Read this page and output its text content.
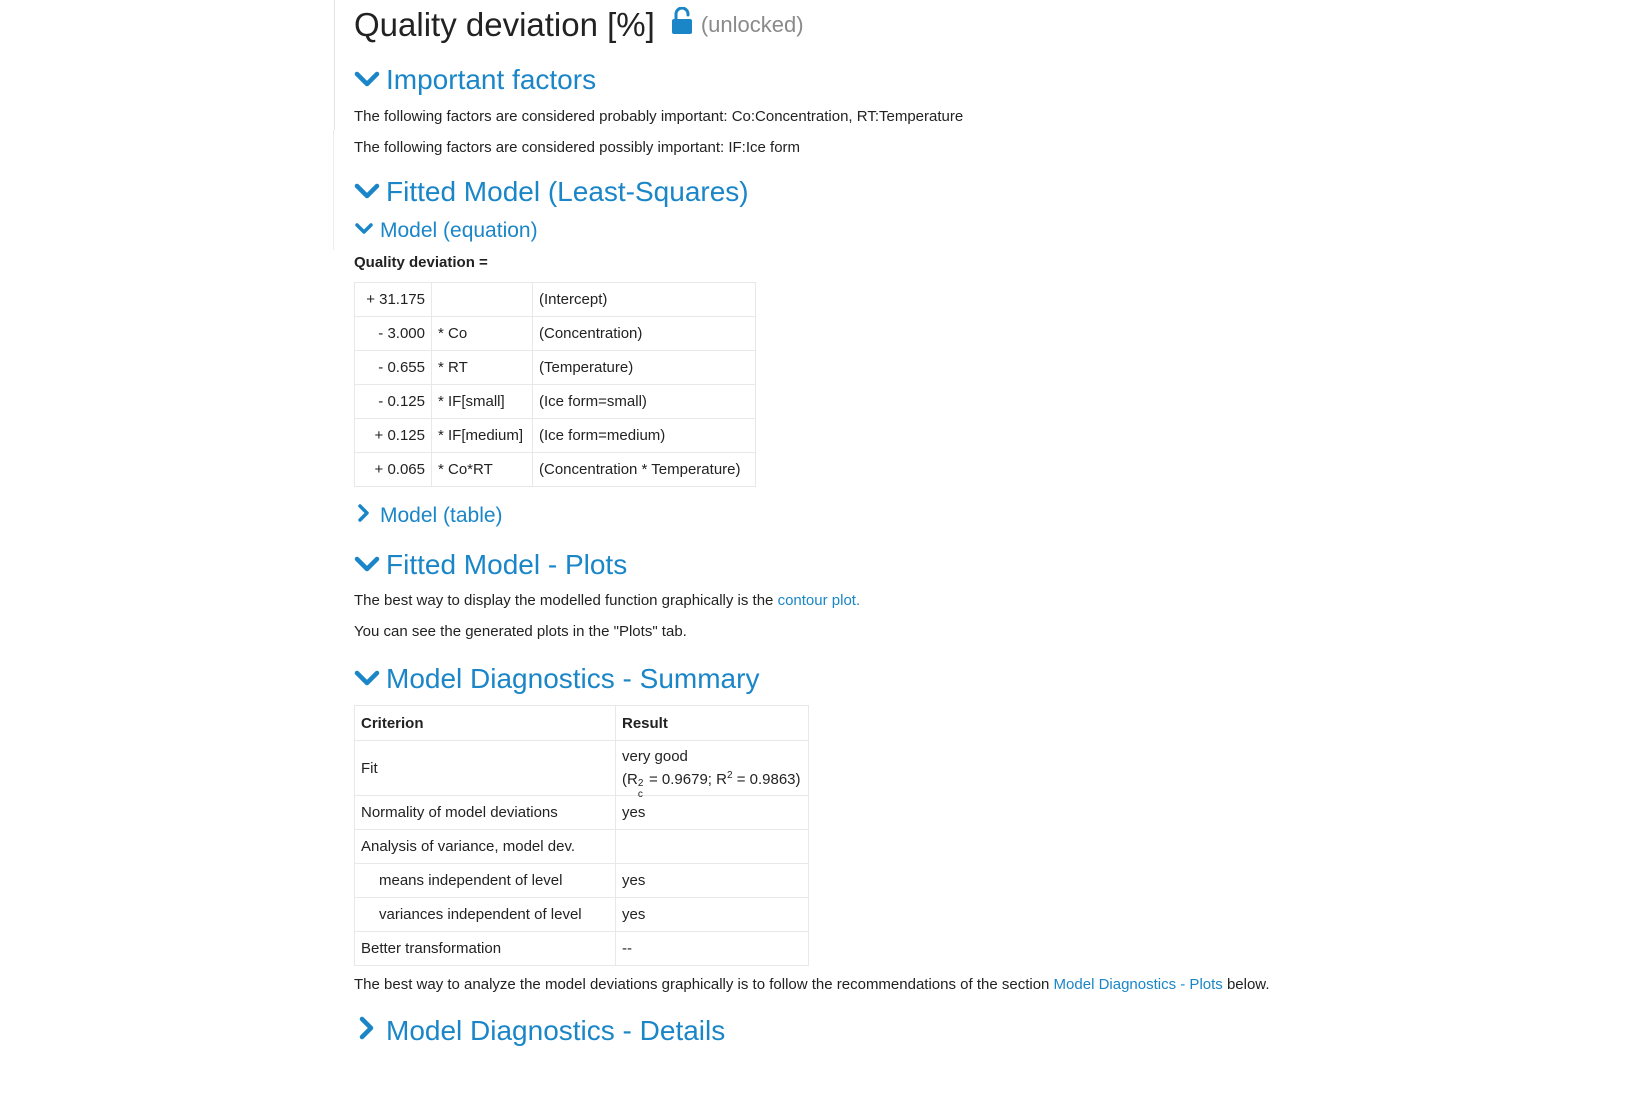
Quality deviation [%] (unlocked)
Important factors

The following factors are considered probably important: Co:Concentration, RT:Temperature

The following factors are considered possibly important: IF:Ice form

Fitted Model (Least-Squares)
Model (equation)

Quality deviation =

+ 31.175		(Intercept)
- 3.000	* Co	(Concentration)
- 0.655	* RT	(Temperature)
- 0.125	* IF[small]	(Ice form=small)
+ 0.125	* IF[medium]	(Ice form=medium)
+ 0.065	* Co*RT	(Concentration * Temperature)
Model (table)
Fitted Model - Plots

The best way to display the modelled function graphically is the contour plot.

You can see the generated plots in the "Plots" tab.

Model Diagnostics - Summary
Criterion	Result
Fit	very good
(R 2
c
= 0.9679; $R^2 = 0.9863$)

Normality of model deviations	yes
Analysis of variance, model dev.	
means independent of level	yes
variances independent of level	yes
Better transformation	--

The best way to analyze the model deviations graphically is to follow the recommendations of the section Model Diagnostics - Plots below.

Model Diagnostics - Details
